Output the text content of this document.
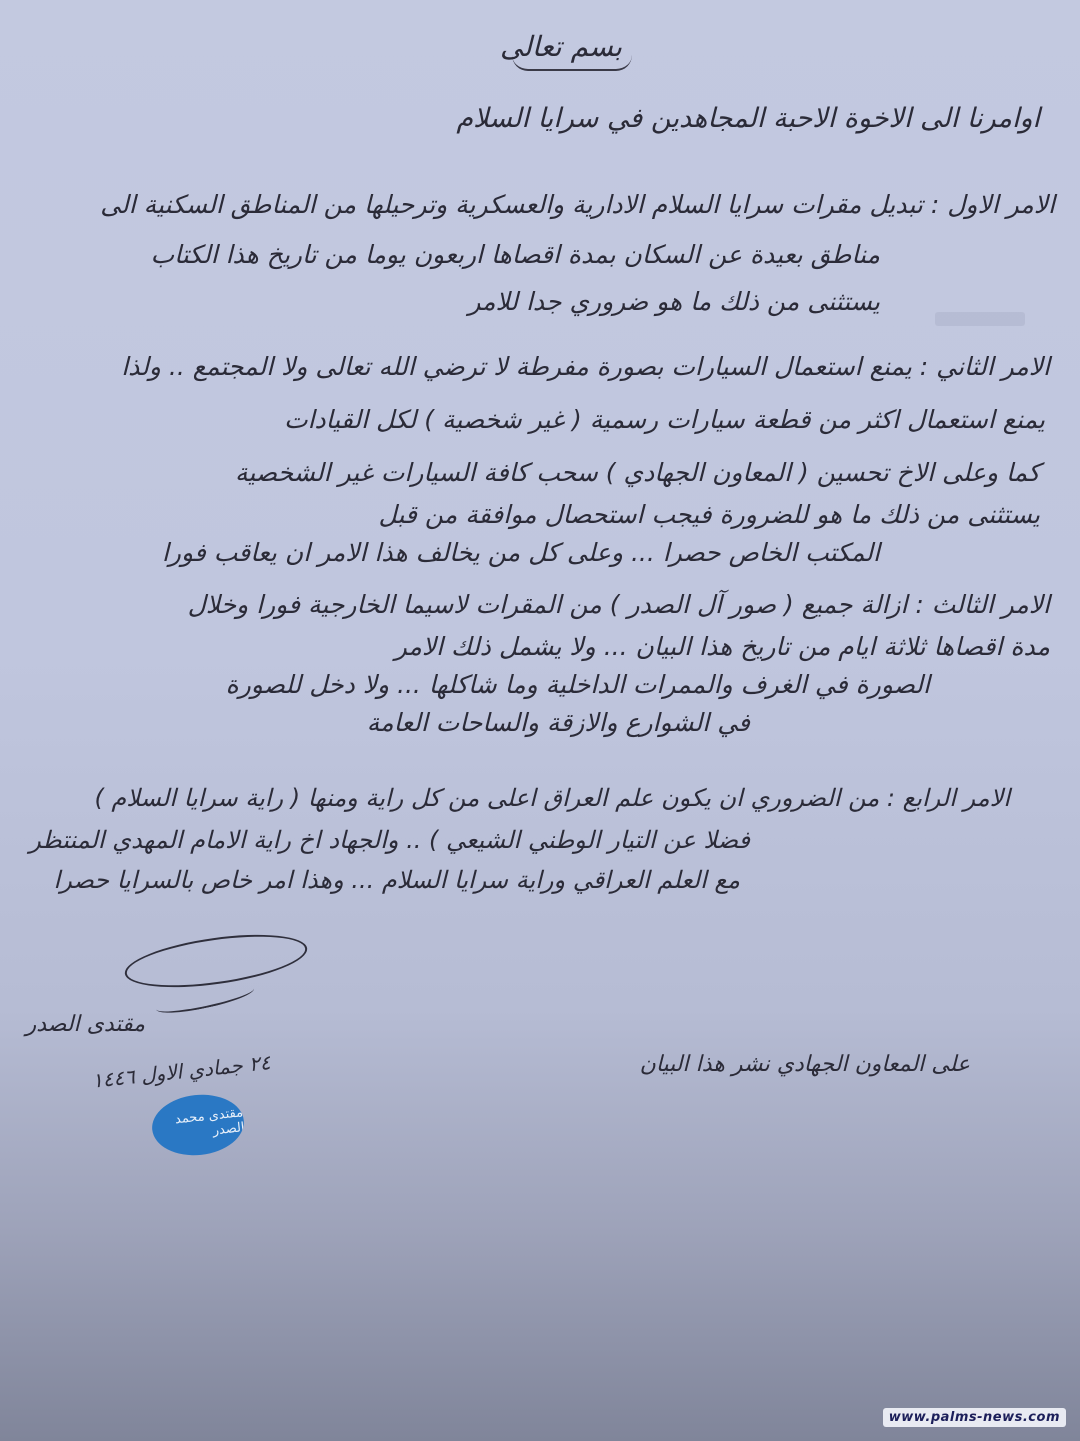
بسم تعالى
اوامرنا الى الاخوة الاحبة المجاهدين في سرايا السلام
الامر الاول : تبديل مقرات سرايا السلام الادارية والعسكرية وترحيلها من المناطق السكنية الى
مناطق بعيدة عن السكان بمدة اقصاها اربعون يوما من تاريخ هذا الكتاب
يستثنى من ذلك ما هو ضروري جدا للامر
الامر الثاني : يمنع استعمال السيارات بصورة مفرطة لا ترضي الله تعالى ولا المجتمع .. ولذا
يمنع استعمال اكثر من قطعة سيارات رسمية ( غير شخصية ) لكل القيادات
كما وعلى الاخ تحسين ( المعاون الجهادي ) سحب كافة السيارات غير الشخصية
يستثنى من ذلك ما هو للضرورة فيجب استحصال موافقة من قبل
المكتب الخاص حصرا ... وعلى كل من يخالف هذا الامر ان يعاقب فورا
الامر الثالث : ازالة جميع ( صور آل الصدر ) من المقرات لاسيما الخارجية فورا وخلال
مدة اقصاها ثلاثة ايام من تاريخ هذا البيان ... ولا يشمل ذلك الامر
الصورة في الغرف والممرات الداخلية وما شاكلها ... ولا دخل للصورة
في الشوارع والازقة والساحات العامة
الامر الرابع : من الضروري ان يكون علم العراق اعلى من كل راية ومنها ( راية سرايا السلام )
فضلا عن التيار الوطني الشيعي ) .. والجهاد اخ راية الامام المهدي المنتظر
مع العلم العراقي وراية سرايا السلام ... وهذا امر خاص بالسرايا حصرا
مقتدى الصدر
٢٤ جمادي الاول ١٤٤٦
مقتدى محمد الصدر
على المعاون الجهادي نشر هذا البيان
www.palms-news.com
